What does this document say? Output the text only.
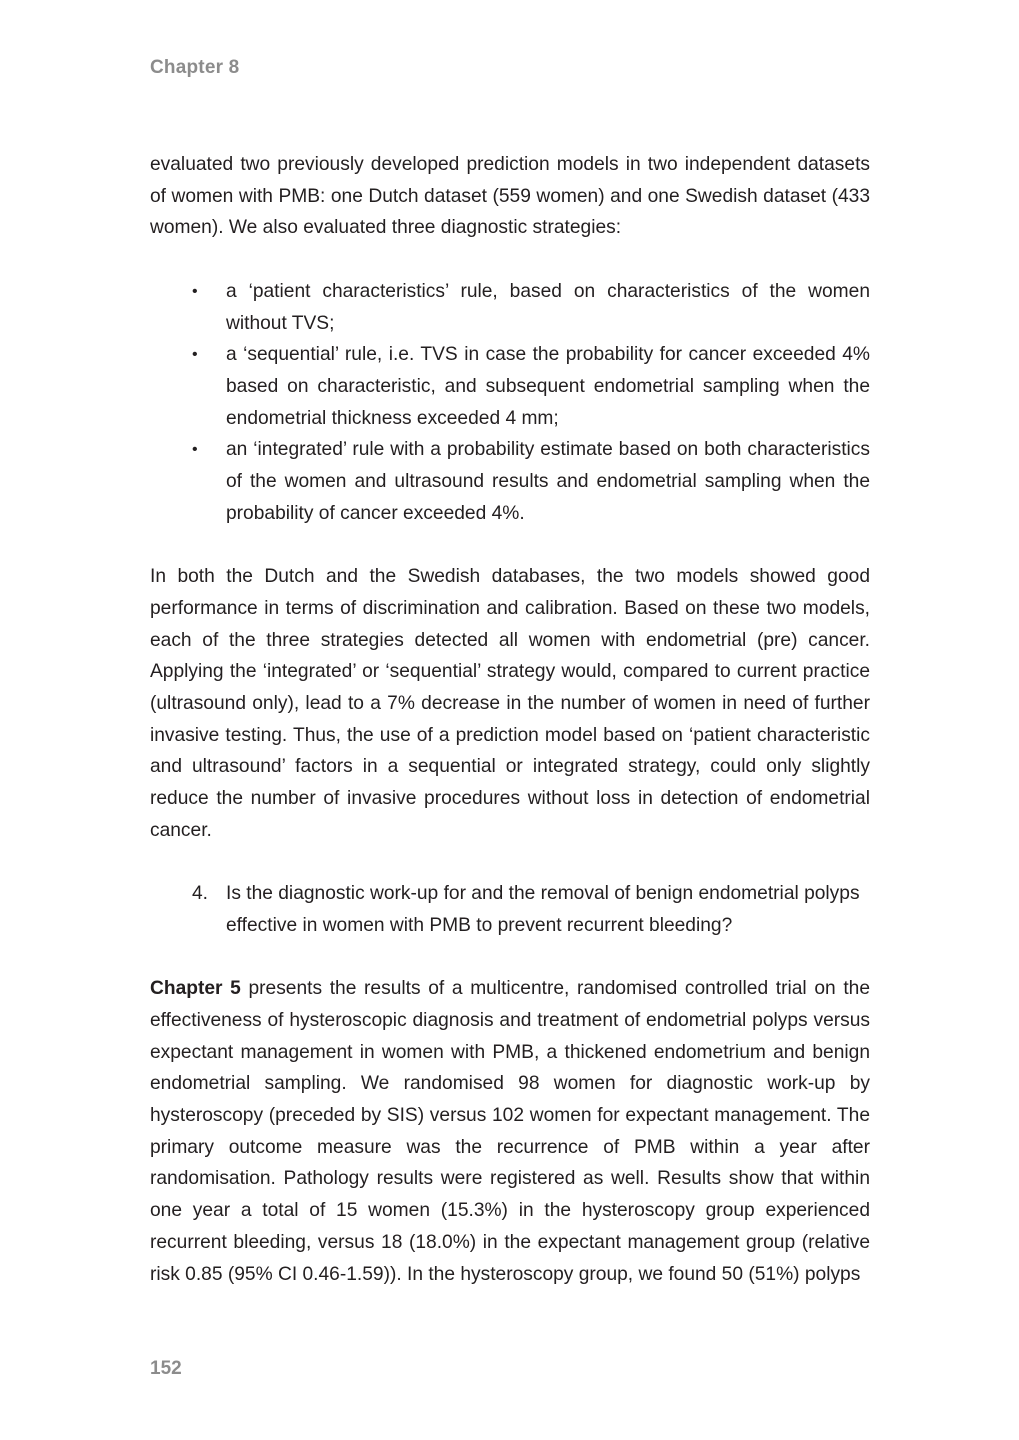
Chapter 8

evaluated two previously developed prediction models in two independent datasets of women with PMB: one Dutch dataset (559 women) and one Swedish dataset (433 women). We also evaluated three diagnostic strategies:

• a ‘patient characteristics’ rule, based on characteristics of the women without TVS;
• a ‘sequential’ rule, i.e. TVS in case the probability for cancer exceeded 4% based on characteristic, and subsequent endometrial sampling when the endometrial thickness exceeded 4 mm;
• an ‘integrated’ rule with a probability estimate based on both characteristics of the women and ultrasound results and endometrial sampling when the probability of cancer exceeded 4%.

In both the Dutch and the Swedish databases, the two models showed good performance in terms of discrimination and calibration. Based on these two models, each of the three strategies detected all women with endometrial (pre) cancer. Applying the ‘integrated’ or ‘sequential’ strategy would, compared to current practice (ultrasound only), lead to a 7% decrease in the number of women in need of further invasive testing. Thus, the use of a prediction model based on ‘patient characteristic and ultrasound’ factors in a sequential or integrated strategy, could only slightly reduce the number of invasive procedures without loss in detection of endometrial cancer.

4. Is the diagnostic work-up for and the removal of benign endometrial polyps effective in women with PMB to prevent recurrent bleeding?

Chapter 5 presents the results of a multicentre, randomised controlled trial on the effectiveness of hysteroscopic diagnosis and treatment of endometrial polyps versus expectant management in women with PMB, a thickened endometrium and benign endometrial sampling. We randomised 98 women for diagnostic work-up by hysteroscopy (preceded by SIS) versus 102 women for expectant management. The primary outcome measure was the recurrence of PMB within a year after randomisation. Pathology results were registered as well. Results show that within one year a total of 15 women (15.3%) in the hysteroscopy group experienced recurrent bleeding, versus 18 (18.0%) in the expectant management group (relative risk 0.85 (95% CI 0.46-1.59)). In the hysteroscopy group, we found 50 (51%) polyps

152
